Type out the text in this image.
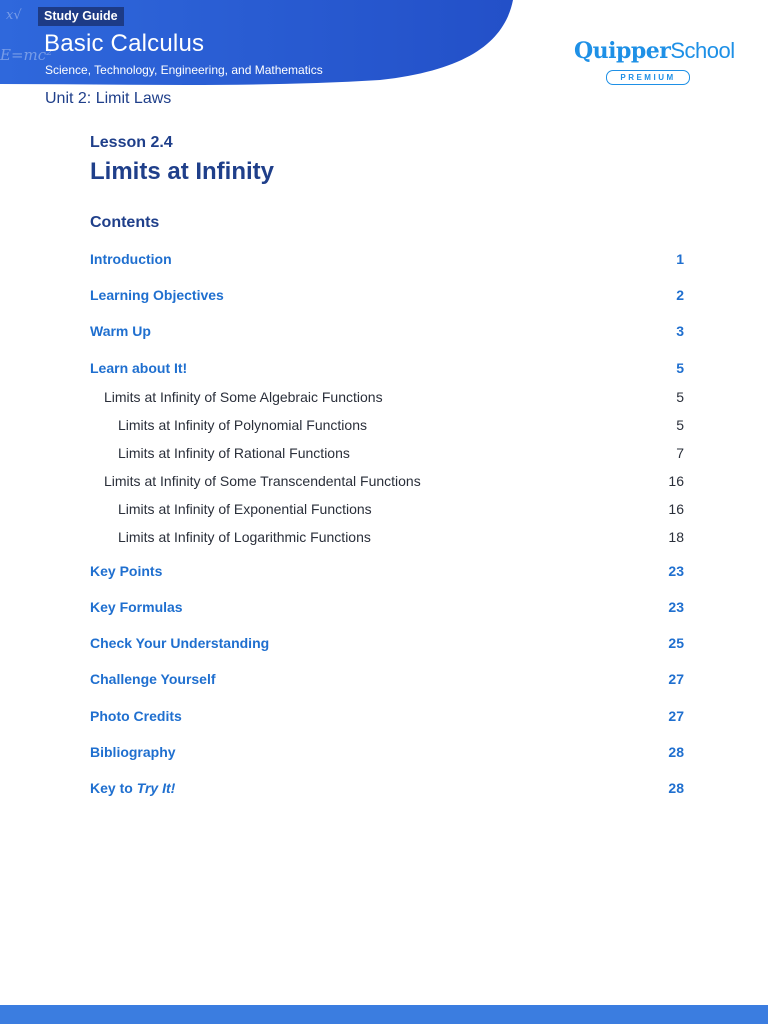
x√
E=mc²
Study Guide
Basic Calculus
Science, Technology, Engineering, and Mathematics
QuipperSchool
PREMIUM
Unit 2: Limit Laws
Lesson 2.4
Limits at Infinity
Contents
Introduction	1
Learning Objectives	2
Warm Up	3
Learn about It!	5
Limits at Infinity of Some Algebraic Functions	5
Limits at Infinity of Polynomial Functions	5
Limits at Infinity of Rational Functions	7
Limits at Infinity of Some Transcendental Functions	16
Limits at Infinity of Exponential Functions	16
Limits at Infinity of Logarithmic Functions	18
Key Points	23
Key Formulas	23
Check Your Understanding	25
Challenge Yourself	27
Photo Credits	27
Bibliography	28
Key to Try It!	28
